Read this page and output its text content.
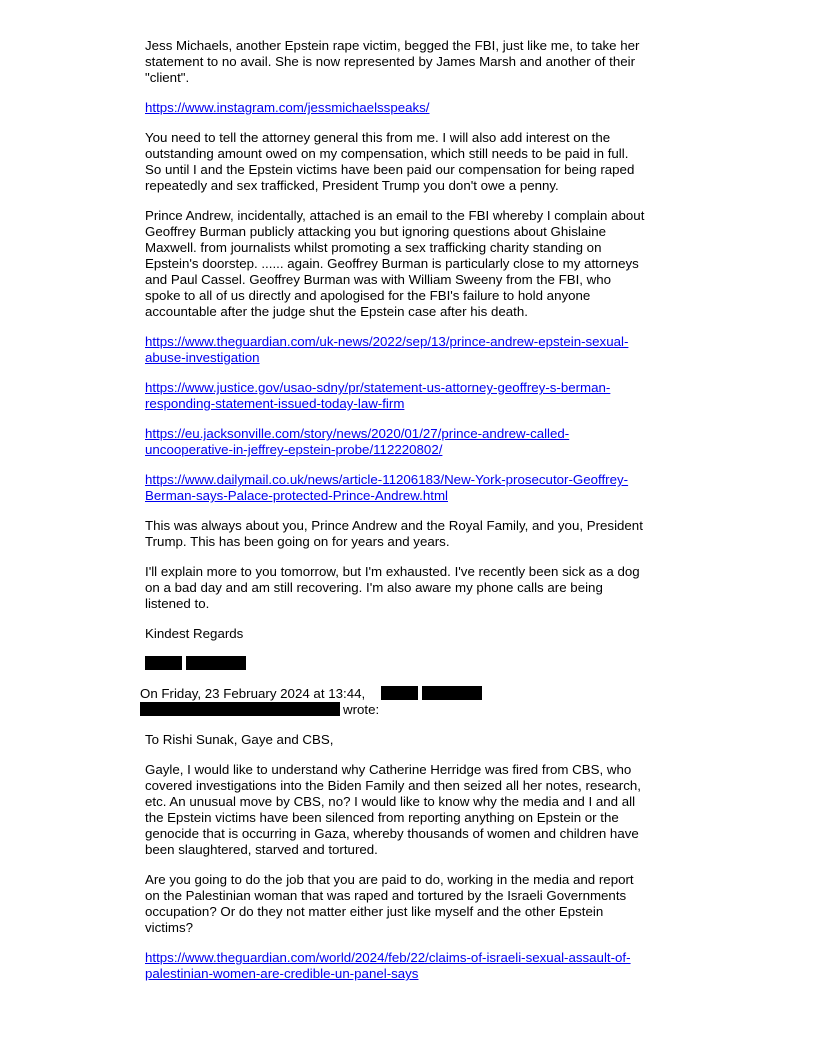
Jess Michaels, another Epstein rape victim, begged the FBI, just like me, to take her
statement to no avail. She is now represented by James Marsh and another of their
"client".

https://www.instagram.com/jessmichaelsspeaks/

You need to tell the attorney general this from me. I will also add interest on the
outstanding amount owed on my compensation, which still needs to be paid in full.
So until I and the Epstein victims have been paid our compensation for being raped
repeatedly and sex trafficked, President Trump you don't owe a penny.

Prince Andrew, incidentally, attached is an email to the FBI whereby I complain about
Geoffrey Burman publicly attacking you but ignoring questions about Ghislaine
Maxwell. from journalists whilst promoting a sex trafficking charity standing on
Epstein's doorstep. ...... again. Geoffrey Burman is particularly close to my attorneys
and Paul Cassel. Geoffrey Burman was with William Sweeny from the FBI, who
spoke to all of us directly and apologised for the FBI's failure to hold anyone
accountable after the judge shut the Epstein case after his death.

https://www.theguardian.com/uk-news/2022/sep/13/prince-andrew-epstein-sexual-
abuse-investigation

https://www.justice.gov/usao-sdny/pr/statement-us-attorney-geoffrey-s-berman-
responding-statement-issued-today-law-firm

https://eu.jacksonville.com/story/news/2020/01/27/prince-andrew-called-
uncooperative-in-jeffrey-epstein-probe/112220802/

https://www.dailymail.co.uk/news/article-11206183/New-York-prosecutor-Geoffrey-
Berman-says-Palace-protected-Prince-Andrew.html

This was always about you, Prince Andrew and the Royal Family, and you, President
Trump. This has been going on for years and years.

I'll explain more to you tomorrow, but I'm exhausted. I've recently been sick as a dog
on a bad day and am still recovering. I'm also aware my phone calls are being
listened to.

Kindest Regards

On Friday, 23 February 2024 at 13:44,
wrote:

To Rishi Sunak, Gaye and CBS,

Gayle, I would like to understand why Catherine Herridge was fired from CBS, who
covered investigations into the Biden Family and then seized all her notes, research,
etc. An unusual move by CBS, no? I would like to know why the media and I and all
the Epstein victims have been silenced from reporting anything on Epstein or the
genocide that is occurring in Gaza, whereby thousands of women and children have
been slaughtered, starved and tortured.

Are you going to do the job that you are paid to do, working in the media and report
on the Palestinian woman that was raped and tortured by the Israeli Governments
occupation? Or do they not matter either just like myself and the other Epstein
victims?

https://www.theguardian.com/world/2024/feb/22/claims-of-israeli-sexual-assault-of-
palestinian-women-are-credible-un-panel-says
